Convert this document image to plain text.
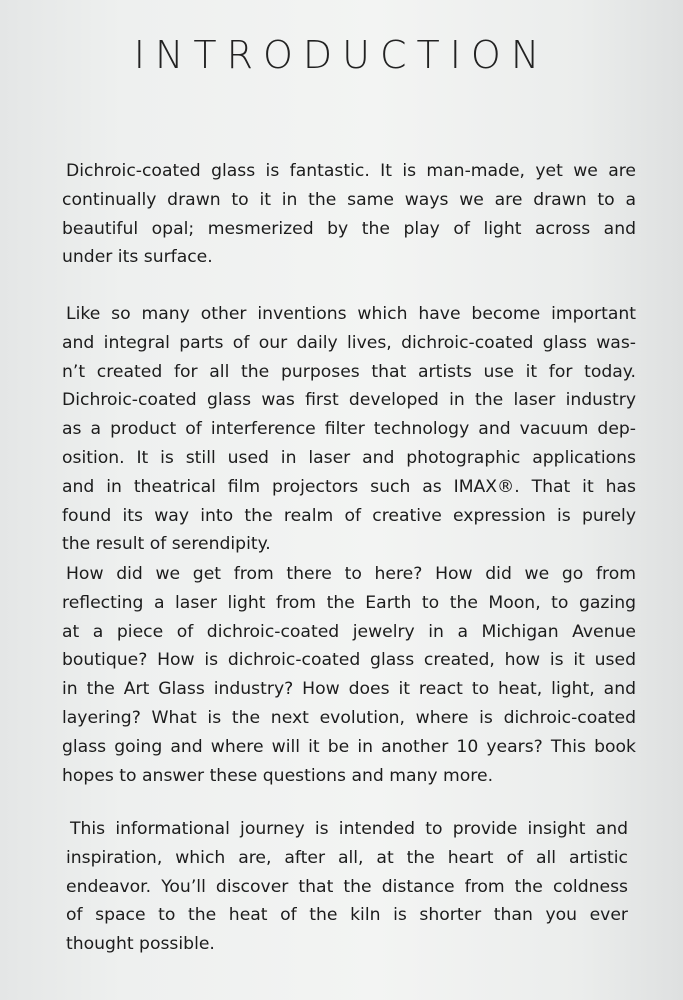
INTRODUCTION

Dichroic-coated glass is fantastic. It is man-made, yet we are
continually drawn to it in the same ways we are drawn to a
beautiful opal; mesmerized by the play of light across and
under its surface.

Like so many other inventions which have become important
and integral parts of our daily lives, dichroic-coated glass was-
n’t created for all the purposes that artists use it for today.
Dichroic-coated glass was first developed in the laser industry
as a product of interference filter technology and vacuum dep-
osition. It is still used in laser and photographic applications
and in theatrical film projectors such as IMAX®. That it has
found its way into the realm of creative expression is purely
the result of serendipity.

How did we get from there to here? How did we go from
reflecting a laser light from the Earth to the Moon, to gazing
at a piece of dichroic-coated jewelry in a Michigan Avenue
boutique? How is dichroic-coated glass created, how is it used
in the Art Glass industry? How does it react to heat, light, and
layering? What is the next evolution, where is dichroic-coated
glass going and where will it be in another 10 years? This book
hopes to answer these questions and many more.

This informational journey is intended to provide insight and
inspiration, which are, after all, at the heart of all artistic
endeavor. You’ll discover that the distance from the coldness
of space to the heat of the kiln is shorter than you ever
thought possible.
